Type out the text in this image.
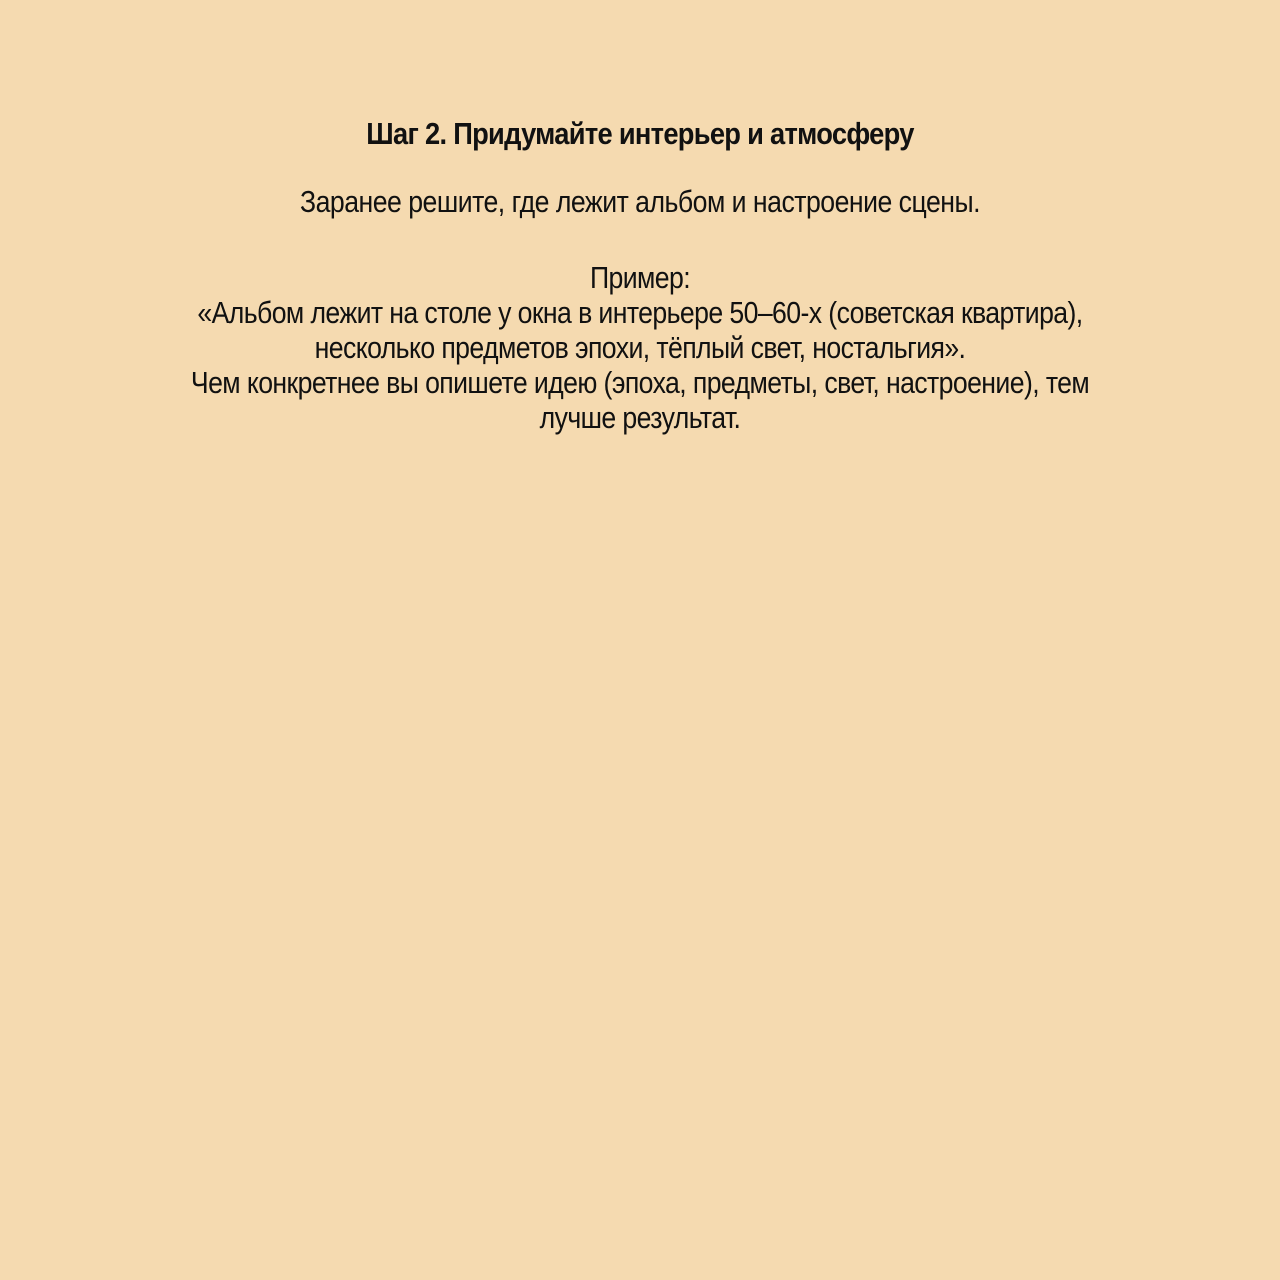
Шаг 2. Придумайте интерьер и атмосферу

Заранее решите, где лежит альбом и настроение сцены.

Пример:
«Альбом лежит на столе у окна в интерьере 50–60-х (советская квартира),
несколько предметов эпохи, тёплый свет, ностальгия».
Чем конкретнее вы опишете идею (эпоха, предметы, свет, настроение), тем
лучше результат.
